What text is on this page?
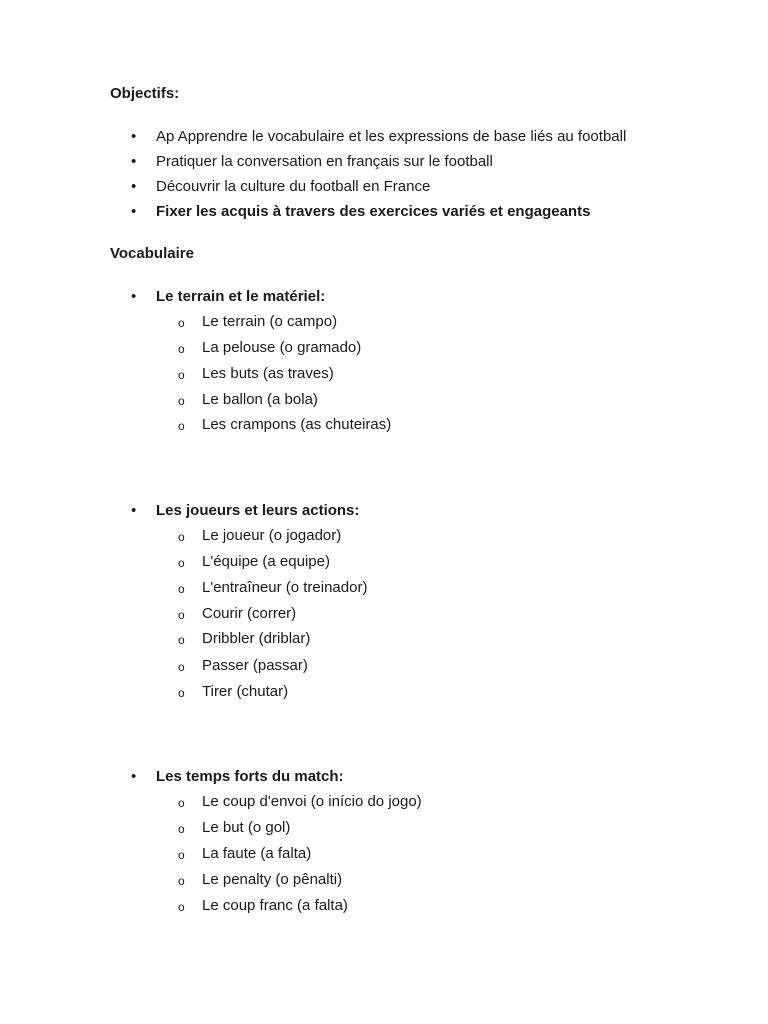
Objectifs:

• Ap Apprendre le vocabulaire et les expressions de base liés au football
• Pratiquer la conversation en français sur le football
• Découvrir la culture du football en France
• Fixer les acquis à travers des exercices variés et engageants

Vocabulaire

• Le terrain et le matériel:
o Le terrain (o campo)
o La pelouse (o gramado)
o Les buts (as traves)
o Le ballon (a bola)
o Les crampons (as chuteiras)
• Les joueurs et leurs actions:
o Le joueur (o jogador)
o L'équipe (a equipe)
o L'entraîneur (o treinador)
o Courir (correr)
o Dribbler (driblar)
o Passer (passar)
o Tirer (chutar)
• Les temps forts du match:
o Le coup d'envoi (o início do jogo)
o Le but (o gol)
o La faute (a falta)
o Le penalty (o pênalti)
o Le coup franc (a falta)
